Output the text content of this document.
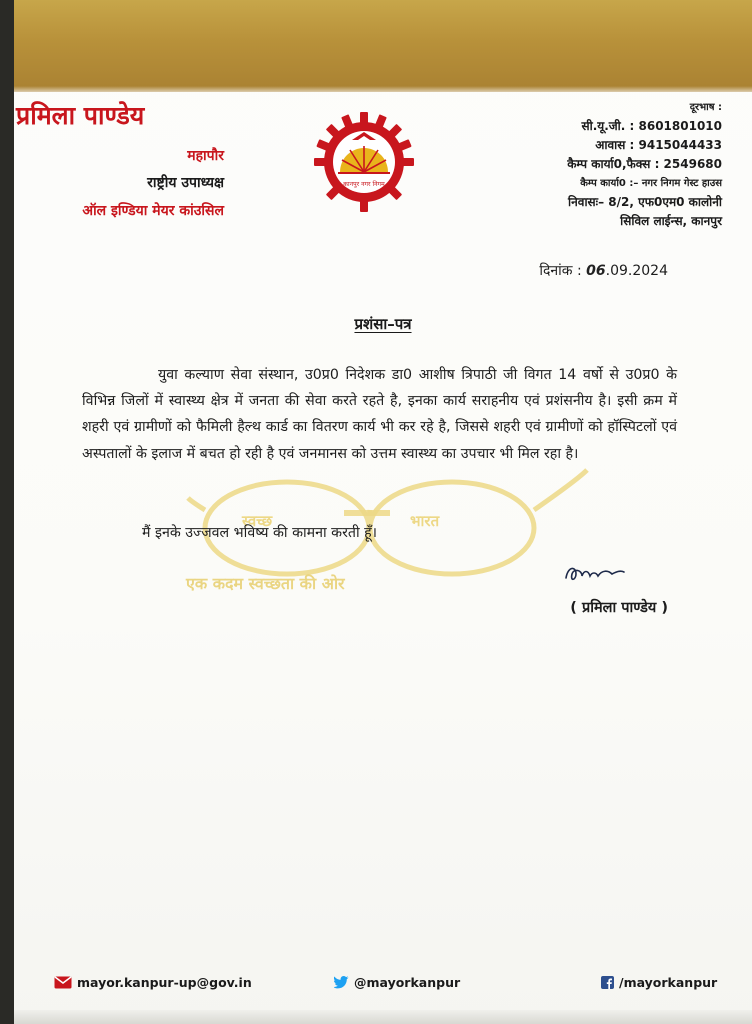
प्रमिला पाण्डेय
महापौर
राष्ट्रीय उपाध्यक्ष
ऑल इण्डिया मेयर कांउसिल
कानपुर नगर निगम
दूरभाष :
सी.यू.जी. : 8601801010
आवास : 9415044433
कैम्प कार्या0,फैक्स : 2549680
कैम्प कार्या0 :– नगर निगम गेस्ट हाउस
निवासः– 8/2, एफ0एम0 कालोनी
सिविल लाईन्स, कानपुर
दिनांक : 06.09.2024
प्रशंसा–पत्र
स्वच्छ	भारत
एक कदम स्वच्छता की ओर

युवा कल्याण सेवा संस्थान, उ0प्र0 निदेशक डा0 आशीष त्रिपाठी जी विगत 14 वर्षो से उ0प्र0 के विभिन्न जिलों में स्वास्थ्य क्षेत्र में जनता की सेवा करते रहते है, इनका कार्य सराहनीय एवं प्रशंसनीय है। इसी क्रम में शहरी एवं ग्रामीणों को फैमिली हैल्थ कार्ड का वितरण कार्य भी कर रहे है, जिससे शहरी एवं ग्रामीणों को हॉस्पिटलों एवं अस्पतालों के इलाज में बचत हो रही है एवं जनमानस को उत्तम स्वास्थ्य का उपचार भी मिल रहा है।

मैं इनके उज्जवल भविष्य की कामना करती हूँ।
( प्रमिला पाण्डेय )
mayor.kanpur-up@gov.in	@mayorkanpur	/mayorkanpur
